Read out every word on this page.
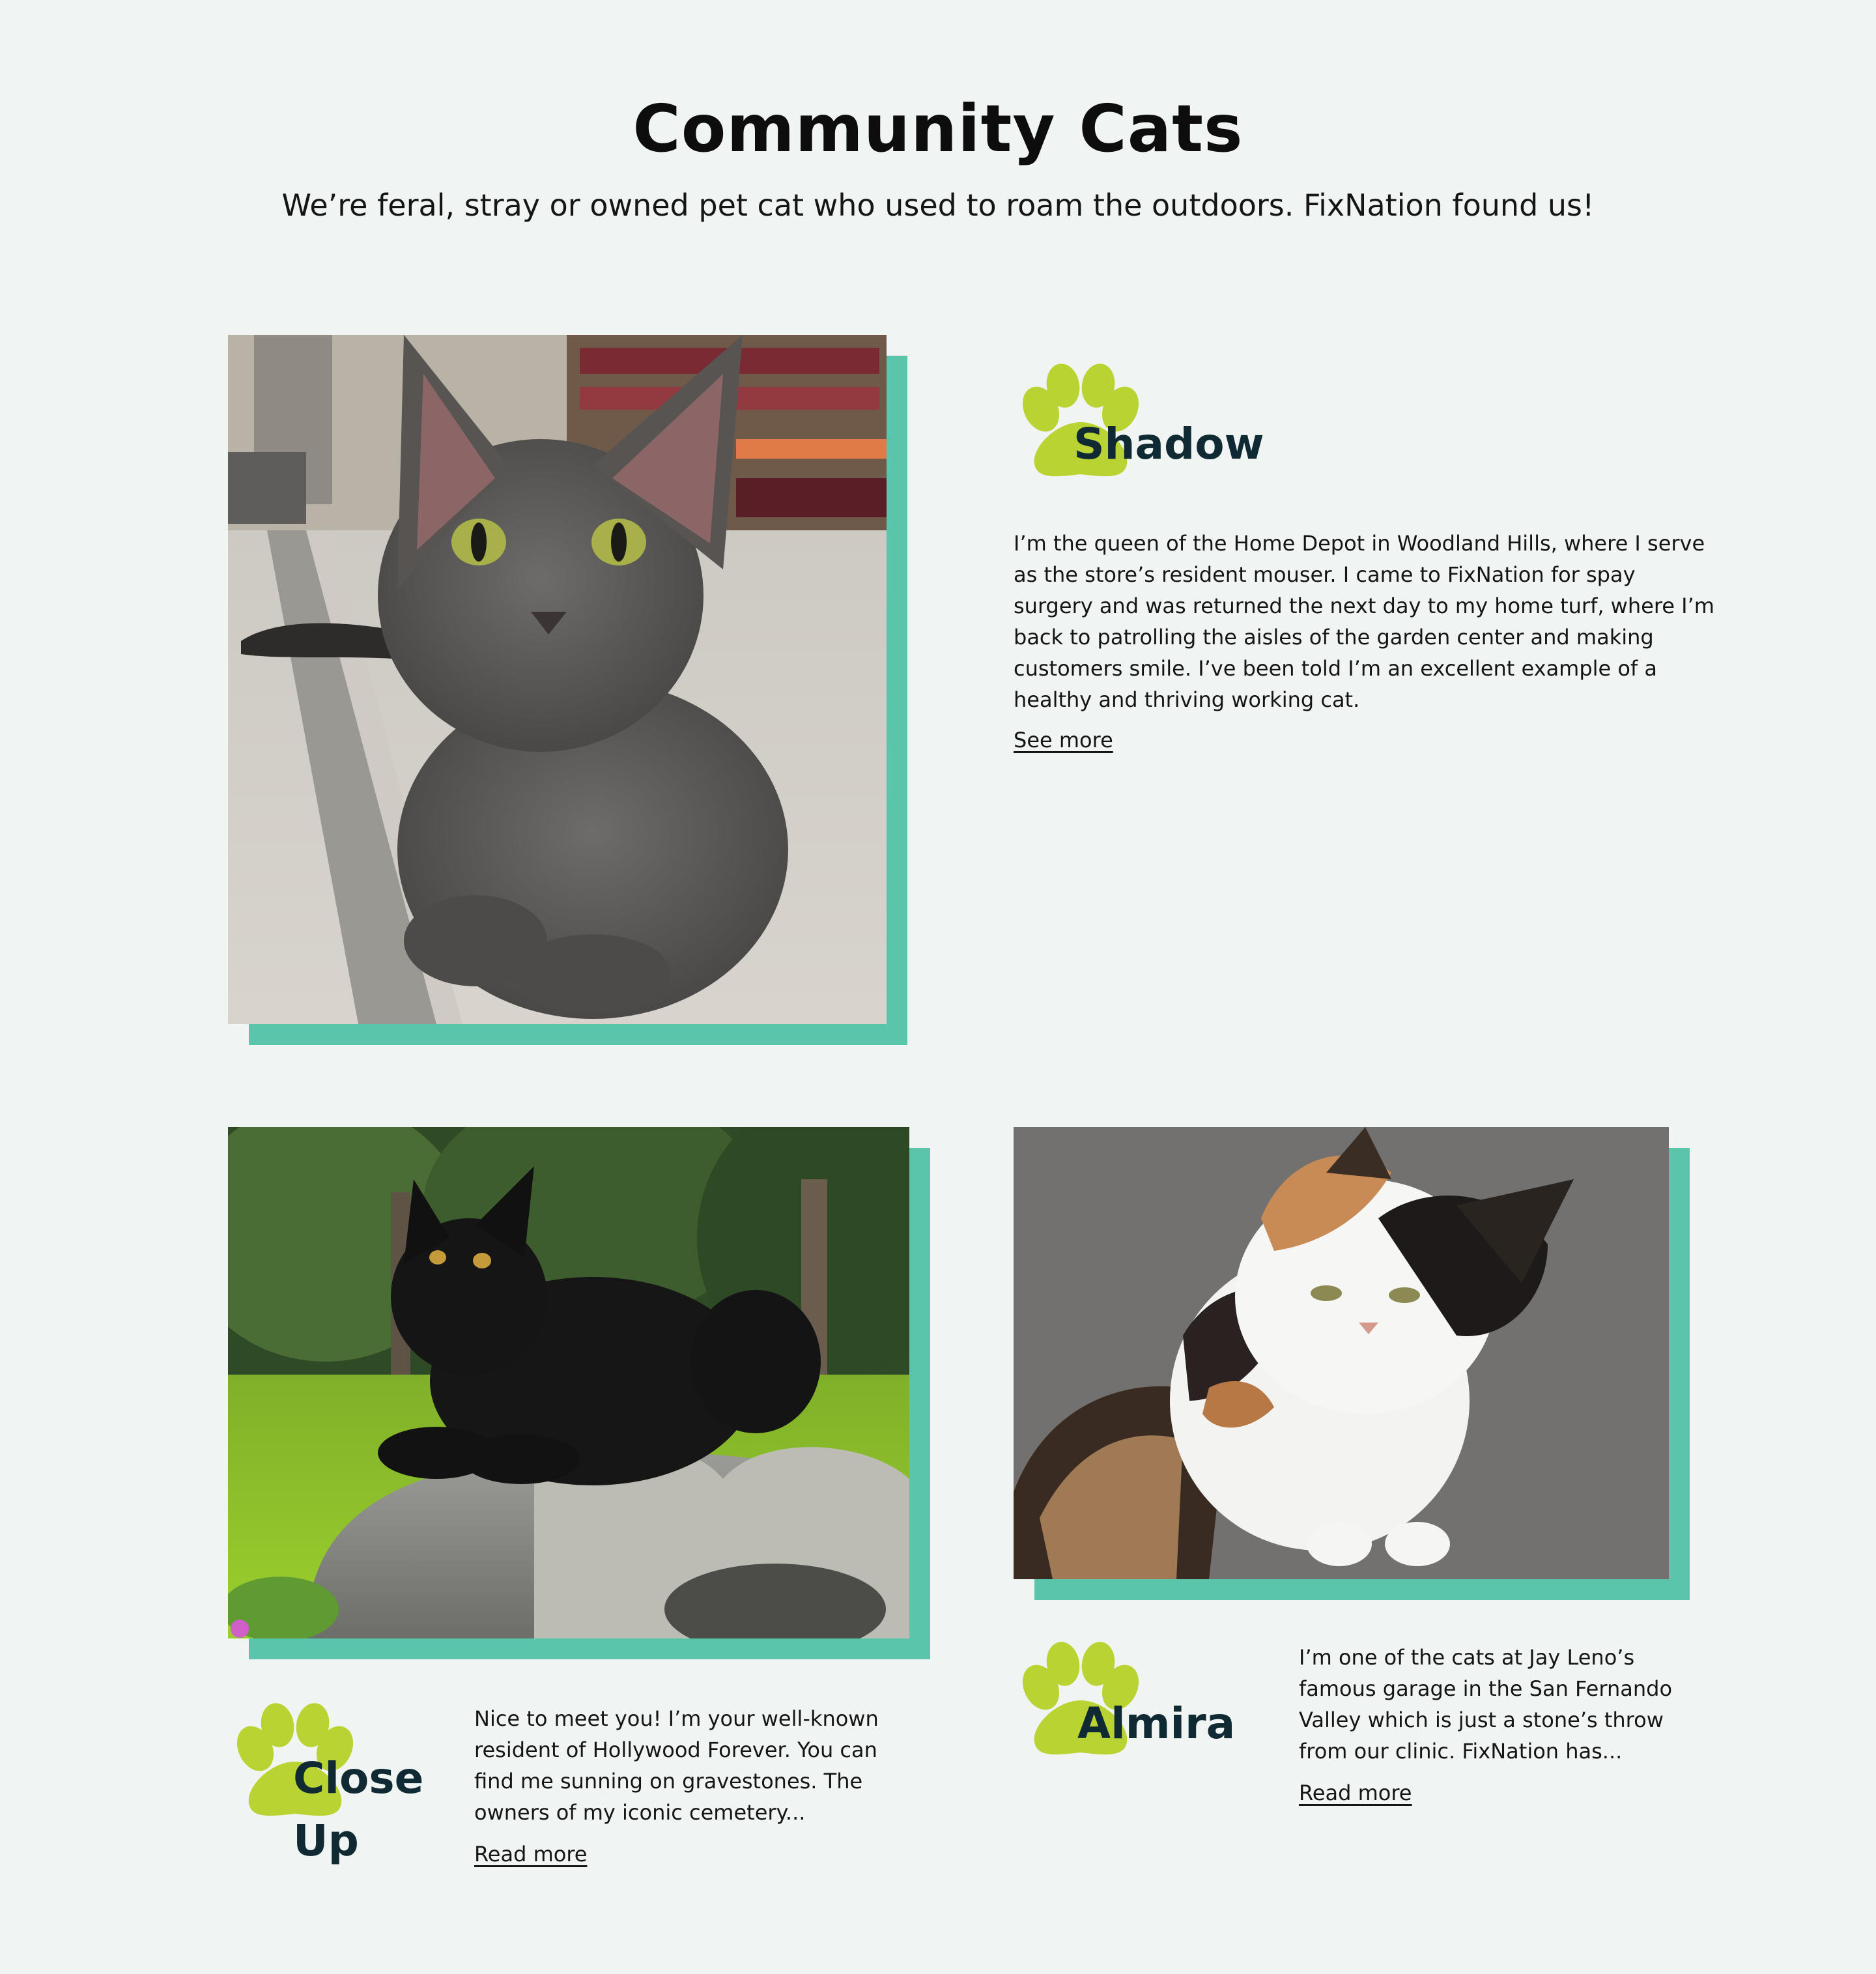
Community Cats

We’re feral, stray or owned pet cat who used to roam the outdoors. FixNation found us!

Shadow

I’m the queen of the Home Depot in Woodland Hills, where I serve as the store’s resident mouser. I came to FixNation for spay surgery and was returned the next day to my home turf, where I’m back to patrolling the aisles of the garden center and making customers smile. I’ve been told I’m an excellent example of a healthy and thriving working cat.

See more

Close

Up

Nice to meet you! I’m your well-known resident of Hollywood Forever. You can find me sunning on gravestones. The owners of my iconic cemetery...

Read more

Almira

I’m one of the cats at Jay Leno’s famous garage in the San Fernando Valley which is just a stone’s throw from our clinic. FixNation has...

Read more
